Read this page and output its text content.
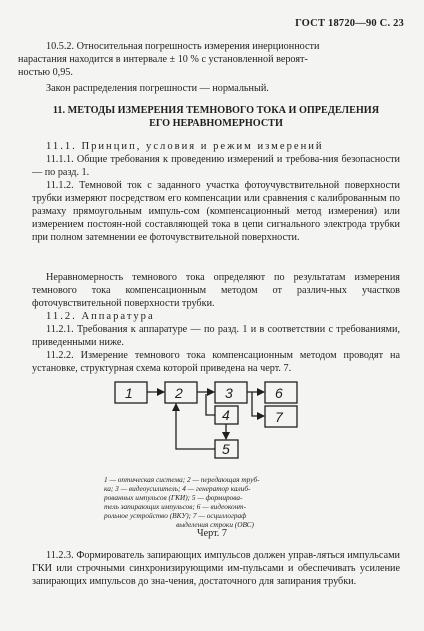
ГОСТ 18720—90 С. 23
10.5.2. Относительная погрешность измерения инерционности
нарастания находится в интервале ± 10 % с установленной вероят-
ностью 0,95.
Закон распределения погрешности — нормальный.
11. МЕТОДЫ ИЗМЕРЕНИЯ ТЕМНОВОГО ТОКА И ОПРЕДЕЛЕНИЯ
ЕГО НЕРАВНОМЕРНОСТИ
11.1. Принцип, условия и режим измерений
11.1.1. Общие требования к проведению измерений и требова-ния безопасности — по разд. 1.
11.1.2. Темновой ток с заданного участка фотоучувствительной поверхности трубки измеряют посредством его компенсации или сравнения с калиброванным по размаху прямоугольным импуль-сом (компенсационный метод измерения) или измерением постоян-ной составляющей тока в цепи сигнального электрода трубки при полном затемнении ее фоточувствительной поверхности.
Неравномерность темнового тока определяют по результатам измерения темнового тока компенсационным методом от различ-ных участков фоточувствительной поверхности трубки.
11.2. Аппаратура
11.2.1. Требования к аппаратуре — по разд. 1 и в соответствии с требованиями, приведенными ниже.
11.2.2. Измерение темнового тока компенсационным методом проводят на установке, структурная схема которой приведена на черт. 7.
1	2	3
4
5
6
7
1 — оптическая система; 2 — передающая труб-
ка; 3 — видеоусилитель; 4 — генератор калиб-
рованных импульсов (ГКИ); 5 — формирова-
тель запирающих импульсов; 6 — видеоконт-
рольное устройство (ВКУ); 7 — осциллограф
выделения строки (ОВС)
Черт. 7
11.2.3. Формирователь запирающих импульсов должен управ-ляться импульсами ГКИ или строчными синхронизирующими им-пульсами и обеспечивать усиление запирающих импульсов до зна-чения, достаточного для запирания трубки.
